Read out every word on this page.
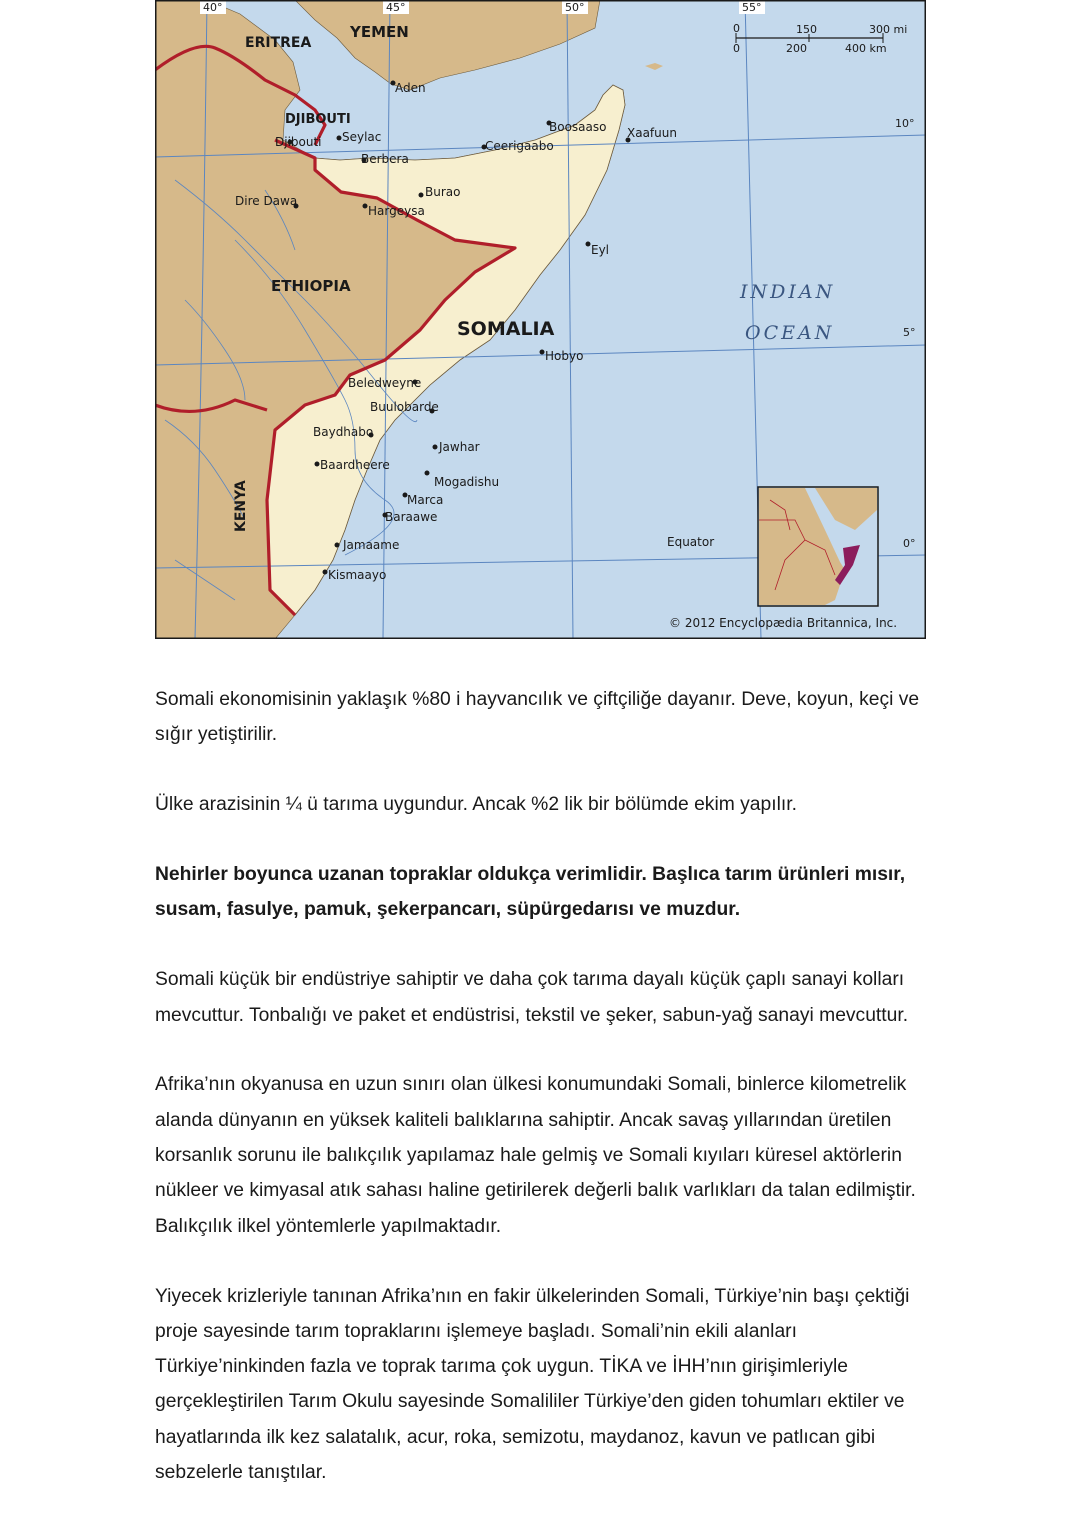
ERITREA
YEMEN
DJIBOUTI
ETHIOPIA
SOMALIA
KENYA
Aden
Djibouti Seylac
Berbera
Boosaaso Xaafuun
Ceerigaabo
Burao
Hargeysa
Dire Dawa
Eyl
Hobyo
Beledweyne
Buulobarde
Baydhabo
Jawhar
Baardheere
Mogadishu
Marca
Baraawe
Jamaame
Kismaayo
INDIAN
OCEAN
Equator
40°	45°	50°	55°
10°
5°
0°
0
0
150	300 mi
200	400 km
© 2012 Encyclopædia Britannica, Inc.

Somali ekonomisinin yaklaşık %80 i hayvancılık ve çiftçiliğe dayanır. Deve, koyun, keçi ve sığır yetiştirilir.

Ülke arazisinin ¼ ü tarıma uygundur. Ancak %2 lik bir bölümde ekim yapılır.

Nehirler boyunca uzanan topraklar oldukça verimlidir. Başlıca tarım ürünleri mısır, susam, fasulye, pamuk, şekerpancarı, süpürgedarısı ve muzdur.

Somali küçük bir endüstriye sahiptir ve daha çok tarıma dayalı küçük çaplı sanayi kolları mevcuttur. Tonbalığı ve paket et endüstrisi, tekstil ve şeker, sabun-yağ sanayi mevcuttur.

Afrika’nın okyanusa en uzun sınırı olan ülkesi konumundaki Somali, binlerce kilometrelik alanda dünyanın en yüksek kaliteli balıklarına sahiptir. Ancak savaş yıllarından üretilen korsanlık sorunu ile balıkçılık yapılamaz hale gelmiş ve Somali kıyıları küresel aktörlerin nükleer ve kimyasal atık sahası haline getirilerek değerli balık varlıkları da talan edilmiştir. Balıkçılık ilkel yöntemlerle yapılmaktadır.

Yiyecek krizleriyle tanınan Afrika’nın en fakir ülkelerinden Somali, Türkiye’nin başı çektiği proje sayesinde tarım topraklarını işlemeye başladı. Somali’nin ekili alanları Türkiye’ninkinden fazla ve toprak tarıma çok uygun. TİKA ve İHH’nın girişimleriyle gerçekleştirilen Tarım Okulu sayesinde Somalililer Türkiye’den giden tohumları ektiler ve hayatlarında ilk kez salatalık, acur, roka, semizotu, maydanoz, kavun ve patlıcan gibi sebzelerle tanıştılar.
